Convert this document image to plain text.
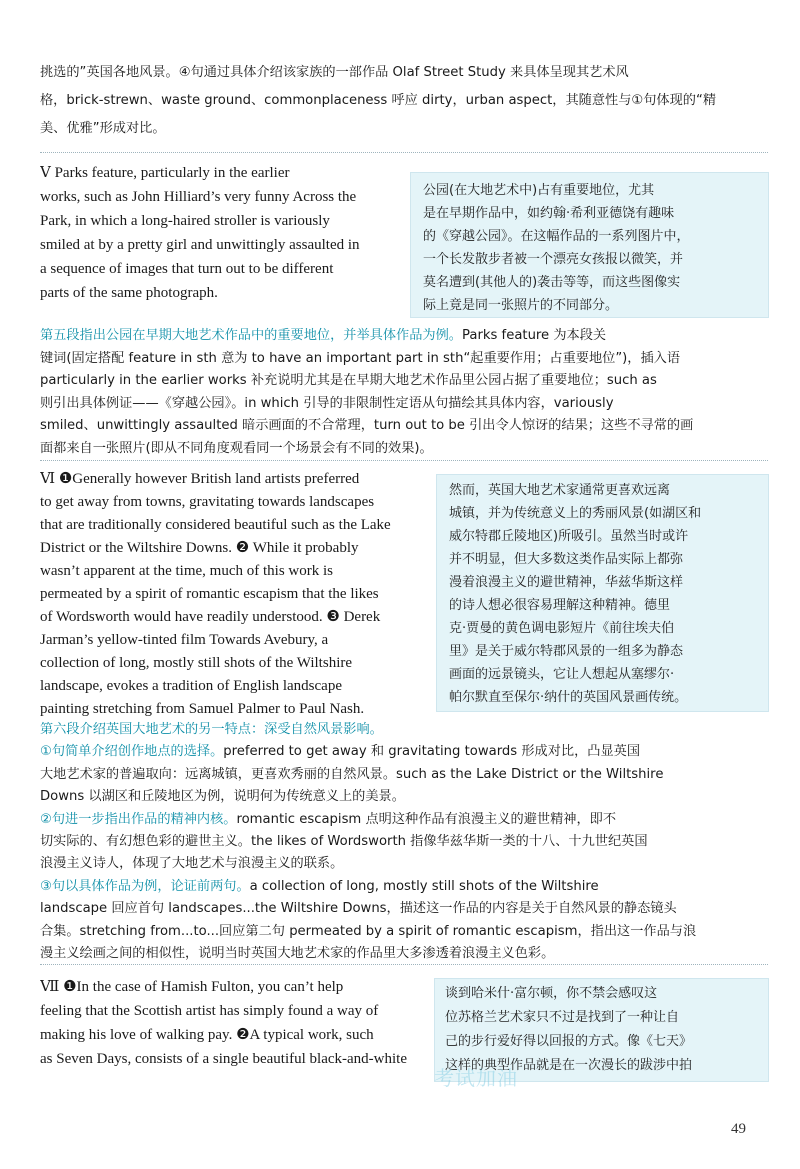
挑选的”英国各地风景。④句通过具体介绍该家族的一部作品 Olaf Street Study 来具体呈现其艺术风
格，brick-strewn、waste ground、commonplaceness 呼应 dirty，urban aspect，其随意性与①句体现的“精
美、优雅”形成对比。
Ⅴ Parks feature, particularly in the earlier
works, such as John Hilliard’s very funny Across the
Park, in which a long-haired stroller is variously
smiled at by a pretty girl and unwittingly assaulted in
a sequence of images that turn out to be different
parts of the same photograph.
公园(在大地艺术中)占有重要地位，尤其
是在早期作品中，如约翰·希利亚德饶有趣味
的《穿越公园》。在这幅作品的一系列图片中，
一个长发散步者被一个漂亮女孩报以微笑，并
莫名遭到(其他人的)袭击等等，而这些图像实
际上竟是同一张照片的不同部分。
第五段指出公园在早期大地艺术作品中的重要地位，并举具体作品为例。Parks feature 为本段关
键词(固定搭配 feature in sth 意为 to have an important part in sth“起重要作用；占重要地位”)，插入语
particularly in the earlier works 补充说明尤其是在早期大地艺术作品里公园占据了重要地位；such as
则引出具体例证——《穿越公园》。in which 引导的非限制性定语从句描绘其具体内容，variously
smiled、unwittingly assaulted 暗示画面的不合常理，turn out to be 引出令人惊讶的结果；这些不寻常的画
面都来自一张照片(即从不同角度观看同一个场景会有不同的效果)。
Ⅵ ❶Generally however British land artists preferred
to get away from towns, gravitating towards landscapes
that are traditionally considered beautiful such as the Lake
District or the Wiltshire Downs. ❷ While it probably
wasn’t apparent at the time, much of this work is
permeated by a spirit of romantic escapism that the likes
of Wordsworth would have readily understood. ❸ Derek
Jarman’s yellow-tinted film Towards Avebury, a
collection of long, mostly still shots of the Wiltshire
landscape, evokes a tradition of English landscape
painting stretching from Samuel Palmer to Paul Nash.
然而，英国大地艺术家通常更喜欢远离
城镇，并为传统意义上的秀丽风景(如湖区和
威尔特郡丘陵地区)所吸引。虽然当时或许
并不明显，但大多数这类作品实际上都弥
漫着浪漫主义的避世精神，华兹华斯这样
的诗人想必很容易理解这种精神。德里
克·贾曼的黄色调电影短片《前往埃夫伯
里》是关于威尔特郡风景的一组多为静态
画面的远景镜头，它让人想起从塞缪尔·
帕尔默直至保尔·纳什的英国风景画传统。
第六段介绍英国大地艺术的另一特点：深受自然风景影响。
①句简单介绍创作地点的选择。preferred to get away 和 gravitating towards 形成对比，凸显英国
大地艺术家的普遍取向：远离城镇，更喜欢秀丽的自然风景。such as the Lake District or the Wiltshire
Downs 以湖区和丘陵地区为例，说明何为传统意义上的美景。
②句进一步指出作品的精神内核。romantic escapism 点明这种作品有浪漫主义的避世精神，即不
切实际的、有幻想色彩的避世主义。the likes of Wordsworth 指像华兹华斯一类的十八、十九世纪英国
浪漫主义诗人，体现了大地艺术与浪漫主义的联系。
③句以具体作品为例，论证前两句。a collection of long, mostly still shots of the Wiltshire
landscape 回应首句 landscapes...the Wiltshire Downs，描述这一作品的内容是关于自然风景的静态镜头
合集。stretching from...to...回应第二句 permeated by a spirit of romantic escapism，指出这一作品与浪
漫主义绘画之间的相似性，说明当时英国大地艺术家的作品里大多渗透着浪漫主义色彩。
Ⅶ ❶In the case of Hamish Fulton, you can’t help
feeling that the Scottish artist has simply found a way of
making his love of walking pay. ❷A typical work, such
as Seven Days, consists of a single beautiful black-and-white
谈到哈米什·富尔顿，你不禁会感叹这
位苏格兰艺术家只不过是找到了一种让自
己的步行爱好得以回报的方式。像《七天》
这样的典型作品就是在一次漫长的跋涉中拍
考试加油
49
